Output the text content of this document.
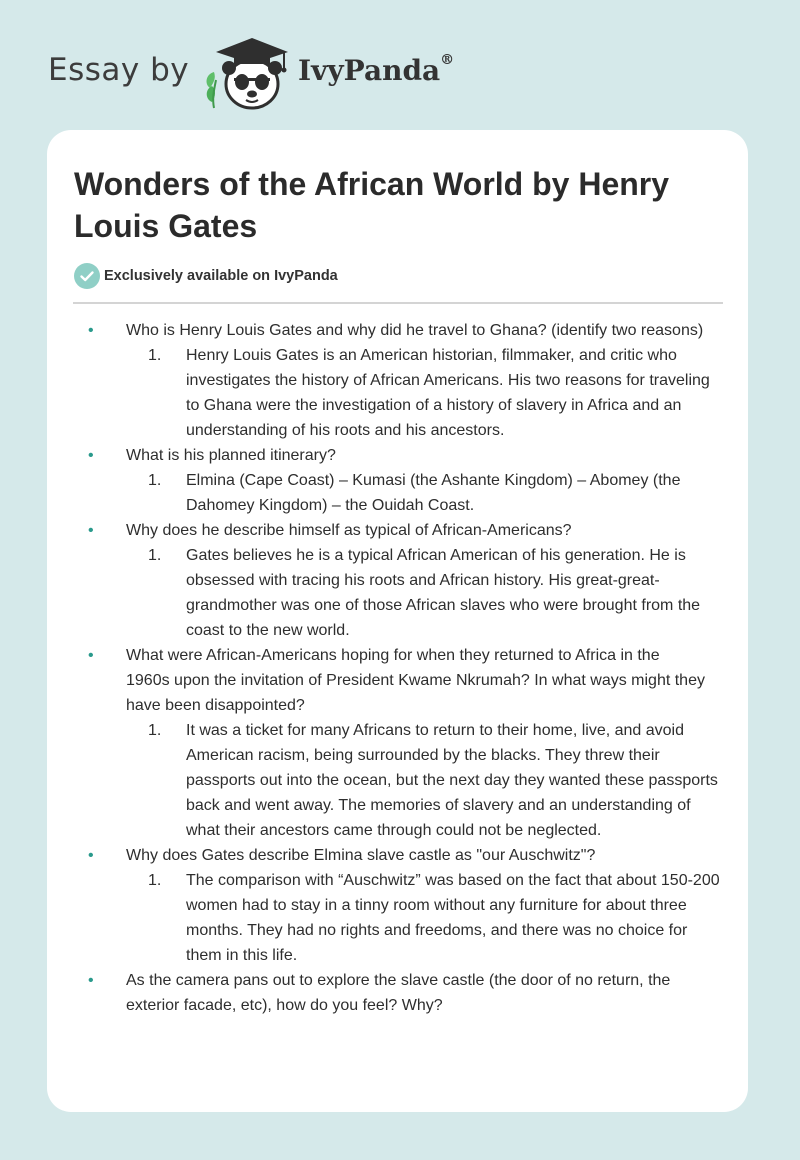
Essay by	IvyPanda®
Wonders of the African World by Henry Louis Gates
Exclusively available on IvyPanda
• Who is Henry Louis Gates and why did he travel to Ghana? (identify two reasons)
1. Henry Louis Gates is an American historian, filmmaker, and critic who investigates the history of African Americans. His two reasons for traveling to Ghana were the investigation of a history of slavery in Africa and an understanding of his roots and his ancestors.
• What is his planned itinerary?
1. Elmina (Cape Coast) – Kumasi (the Ashante Kingdom) – Abomey (the Dahomey Kingdom) – the Ouidah Coast.
• Why does he describe himself as typical of African-Americans?
1. Gates believes he is a typical African American of his generation. He is obsessed with tracing his roots and African history. His great-great-grandmother was one of those African slaves who were brought from the coast to the new world.
• What were African-Americans hoping for when they returned to Africa in the 1960s upon the invitation of President Kwame Nkrumah? In what ways might they have been disappointed?
1. It was a ticket for many Africans to return to their home, live, and avoid American racism, being surrounded by the blacks. They threw their passports out into the ocean, but the next day they wanted these passports back and went away. The memories of slavery and an understanding of what their ancestors came through could not be neglected.
• Why does Gates describe Elmina slave castle as "our Auschwitz"?
1. The comparison with “Auschwitz” was based on the fact that about 150-200 women had to stay in a tinny room without any furniture for about three months. They had no rights and freedoms, and there was no choice for them in this life.
• As the camera pans out to explore the slave castle (the door of no return, the exterior facade, etc), how do you feel? Why?
